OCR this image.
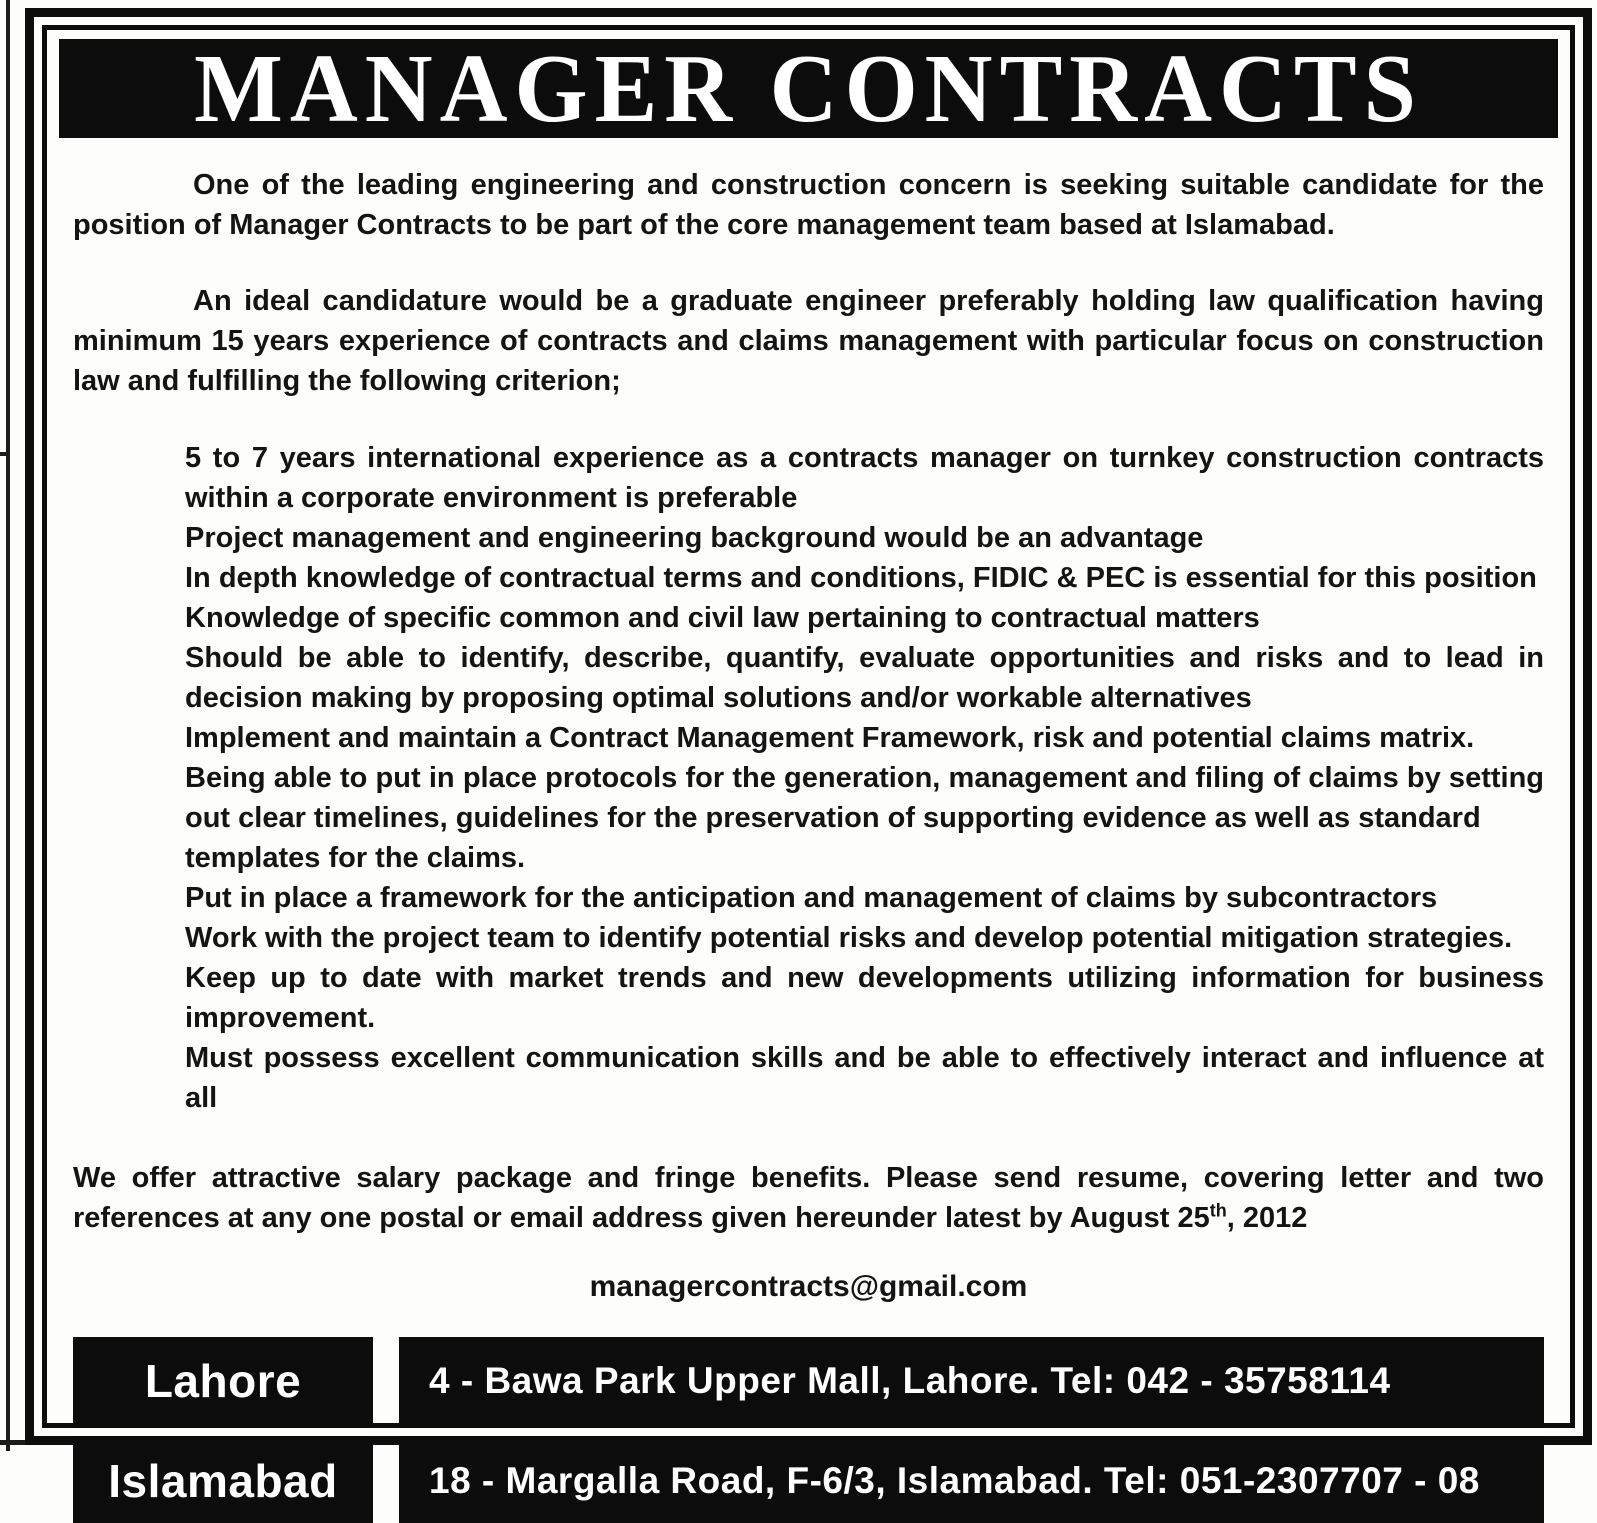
MANAGER CONTRACTS

One of the leading engineering and construction concern is seeking suitable candidate for the position of Manager Contracts to be part of the core management team based at Islamabad.

An ideal candidature would be a graduate engineer preferably holding law qualification having minimum 15 years experience of contracts and claims management with particular focus on construction law and fulfilling the following criterion;

5 to 7 years international experience as a contracts manager on turnkey construction contracts within a corporate environment is preferable
Project management and engineering background would be an advantage
In depth knowledge of contractual terms and conditions, FIDIC & PEC is essential for this position
Knowledge of specific common and civil law pertaining to contractual matters
Should be able to identify, describe, quantify, evaluate opportunities and risks and to lead in decision making by proposing optimal solutions and/or workable alternatives
Implement and maintain a Contract Management Framework, risk and potential claims matrix.
Being able to put in place protocols for the generation, management and filing of claims by setting out clear timelines, guidelines for the preservation of supporting evidence as well as standard
templates for the claims.
Put in place a framework for the anticipation and management of claims by subcontractors
Work with the project team to identify potential risks and develop potential mitigation strategies.
Keep up to date with market trends and new developments utilizing information for business improvement.
Must possess excellent communication skills and be able to effectively interact and influence at all

We offer attractive salary package and fringe benefits. Please send resume, covering letter and two references at any one postal or email address given hereunder latest by August 25th, 2012

managercontracts@gmail.com
Lahore	4 - Bawa Park Upper Mall, Lahore. Tel: 042 - 35758114
Islamabad	18 - Margalla Road, F-6/3, Islamabad. Tel: 051-2307707 - 08
